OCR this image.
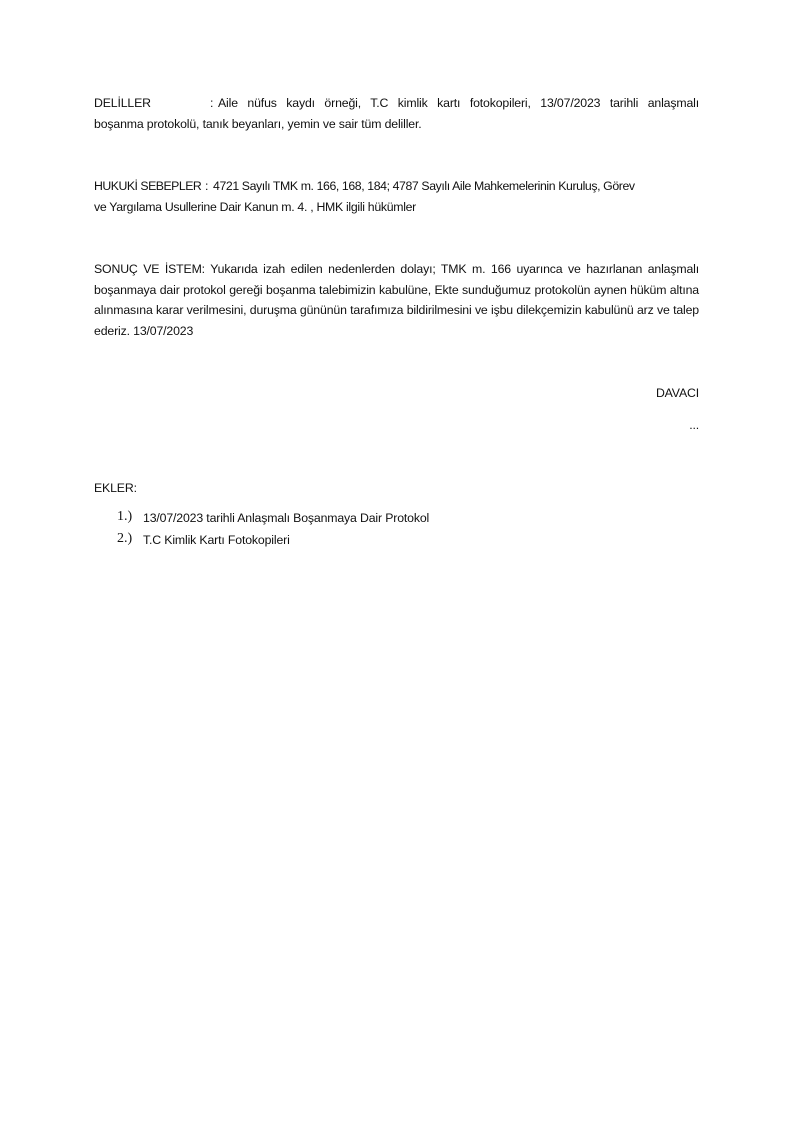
DELİLLER	: Aile nüfus kaydı örneği, T.C kimlik kartı fotokopileri, 13/07/2023 tarihli anlaşmalı
boşanma protokolü, tanık beyanları, yemin ve sair tüm deliller.
HUKUKİ SEBEPLER : 4721 Sayılı TMK m. 166, 168, 184; 4787 Sayılı Aile Mahkemelerinin Kuruluş, Görev
ve Yargılama Usullerine Dair Kanun m. 4. , HMK ilgili hükümler
SONUÇ VE İSTEM: Yukarıda izah edilen nedenlerden dolayı; TMK m. 166 uyarınca ve hazırlanan anlaşmalı boşanmaya dair protokol gereği boşanma talebimizin kabulüne, Ekte sunduğumuz protokolün aynen hüküm altına alınmasına karar verilmesini, duruşma gününün tarafımıza bildirilmesini ve işbu dilekçemizin kabulünü arz ve talep ederiz. 13/07/2023
DAVACI
...
EKLER:
1.) 13/07/2023 tarihli Anlaşmalı Boşanmaya Dair Protokol
2.) T.C Kimlik Kartı Fotokopileri
